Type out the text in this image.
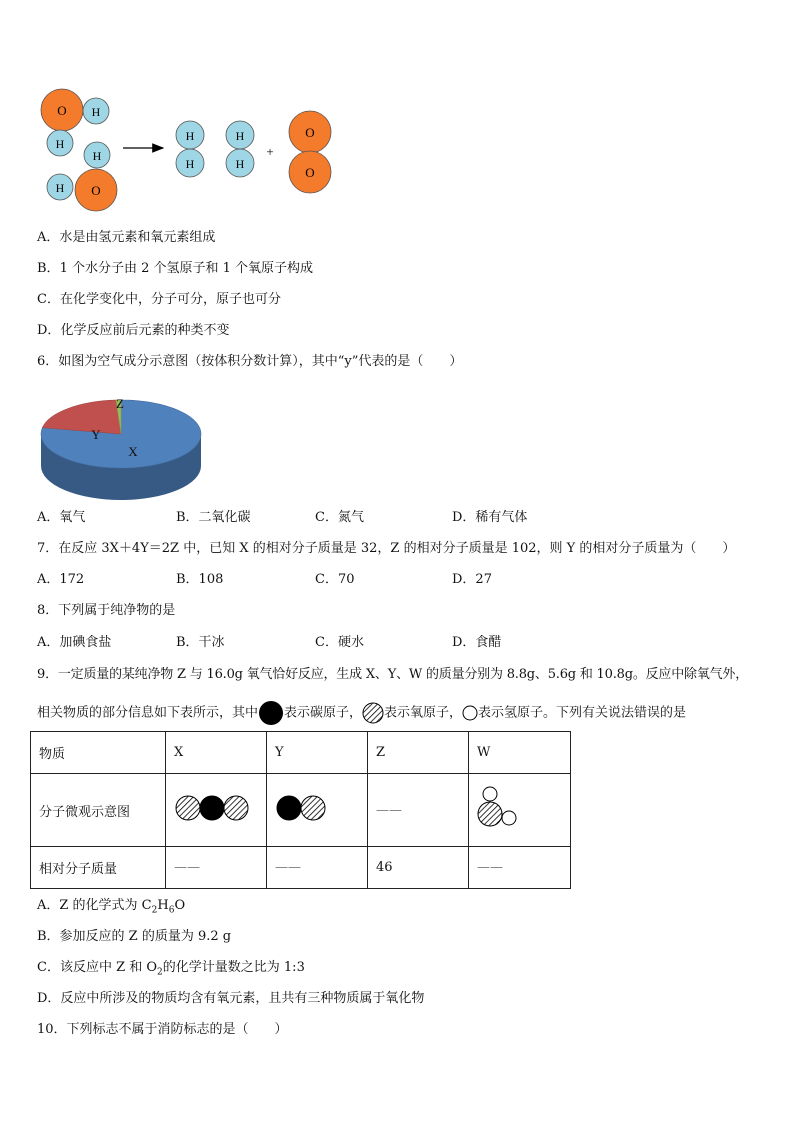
O H
H
H
H O
H
H
H
H
+
O
O
A．水是由氢元素和氧元素组成
B．1 个水分子由 2 个氢原子和 1 个氧原子构成
C．在化学变化中，分子可分，原子也可分
D．化学反应前后元素的种类不变
6．如图为空气成分示意图（按体积分数计算），其中“y”代表的是（　　）
X
Y
Z
A．氧气	B．二氧化碳	C．氮气	D．稀有气体
7．在反应 3X＋4Y＝2Z 中，已知 X 的相对分子质量是 32，Z 的相对分子质量是 102，则 Y 的相对分子质量为（　　）
A．172	B．108	C．70	D．27
8．下列属于纯净物的是
A．加碘食盐	B．干冰	C．硬水	D．食醋
9．一定质量的某纯净物 Z 与 16.0g 氧气恰好反应，生成 X、Y、W 的质量分别为 8.8g、5.6g 和 10.8g。反应中除氧气外，
相关物质的部分信息如下表所示，其中 表示碳原子， 表示氧原子， 表示氢原子。下列有关说法错误的是
物质	X	Y	Z	W
分子微观示意图			——	
相对分子质量	——	——	46	——
A．Z 的化学式为 $C_2H_6O$
B．参加反应的 Z 的质量为 9.2 g
C．该反应中 Z 和 $O_2$的化学计量数之比为 1:3
D．反应中所涉及的物质均含有氧元素，且共有三种物质属于氧化物
10．下列标志不属于消防标志的是（　　）
